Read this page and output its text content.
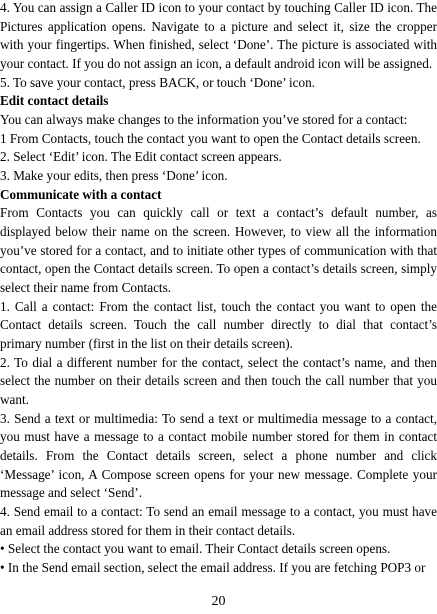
4. You can assign a Caller ID icon to your contact by touching Caller ID icon. The Pictures application opens. Navigate to a picture and select it, size the cropper with your fingertips. When finished, select ‘Done’. The picture is associated with your contact. If you do not assign an icon, a default android icon will be assigned.

5. To save your contact, press BACK, or touch ‘Done’ icon.

Edit contact details

You can always make changes to the information you’ve stored for a contact:

1 From Contacts, touch the contact you want to open the Contact details screen.

2. Select ‘Edit’ icon. The Edit contact screen appears.

3. Make your edits, then press ‘Done’ icon.

Communicate with a contact

From Contacts you can quickly call or text a contact’s default number, as displayed below their name on the screen. However, to view all the information you’ve stored for a contact, and to initiate other types of communication with that contact, open the Contact details screen. To open a contact’s details screen, simply select their name from Contacts.

1. Call a contact: From the contact list, touch the contact you want to open the Contact details screen. Touch the call number directly to dial that contact’s primary number (first in the list on their details screen).

2. To dial a different number for the contact, select the contact’s name, and then select the number on their details screen and then touch the call number that you want.

3. Send a text or multimedia: To send a text or multimedia message to a contact, you must have a message to a contact mobile number stored for them in contact details. From the Contact details screen, select a phone number and click ‘Message’ icon, A Compose screen opens for your new message. Complete your message and select ‘Send’.

4. Send email to a contact: To send an email message to a contact, you must have an email address stored for them in their contact details.

• Select the contact you want to email. Their Contact details screen opens.

• In the Send email section, select the email address. If you are fetching POP3 or

20
